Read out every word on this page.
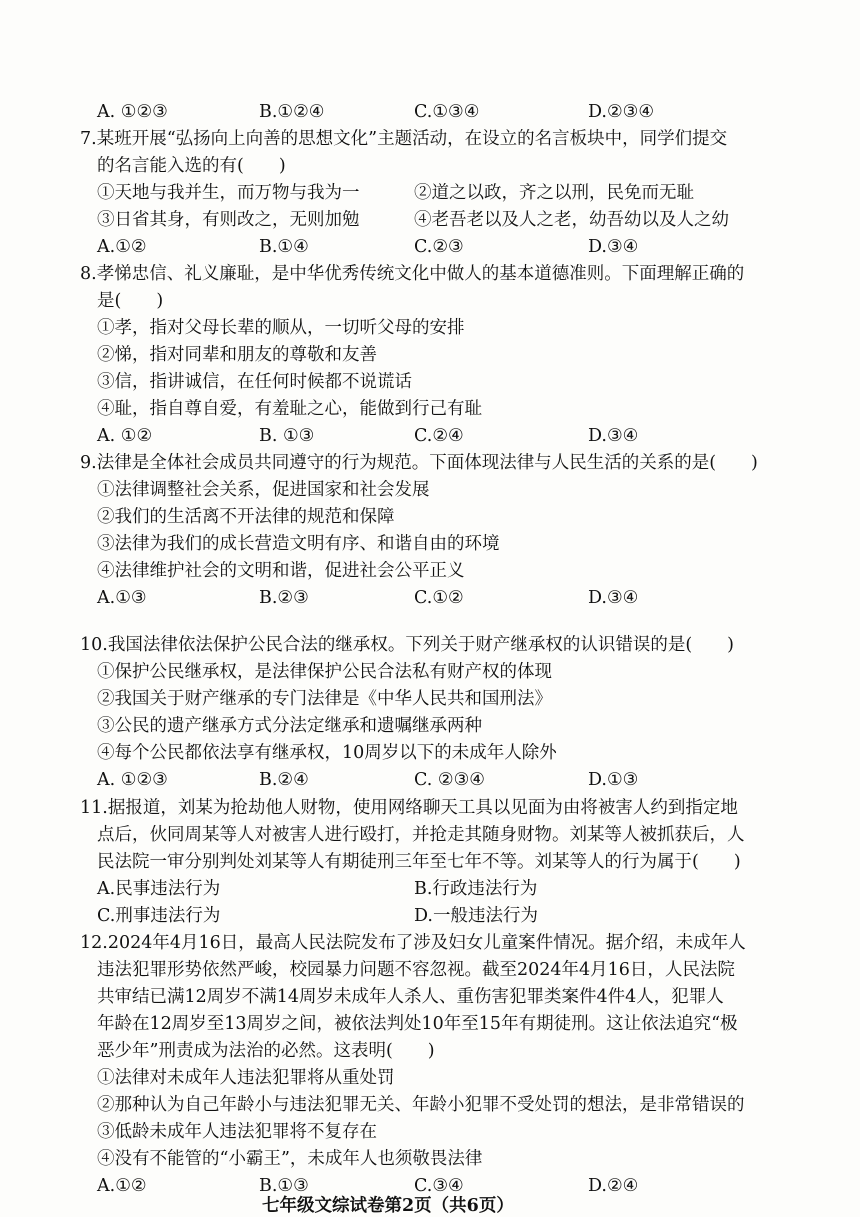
A. ①②③	B.①②④	C.①③④	D.②③④
7.某班开展“弘扬向上向善的思想文化”主题活动，在设立的名言板块中，同学们提交
的名言能入选的有(　　)
①天地与我并生，而万物与我为一	②道之以政，齐之以刑，民免而无耻
③日省其身，有则改之，无则加勉	④老吾老以及人之老，幼吾幼以及人之幼
A.①②	B.①④	C.②③	D.③④
8.孝悌忠信、礼义廉耻，是中华优秀传统文化中做人的基本道德准则。下面理解正确的
是(　　)
①孝，指对父母长辈的顺从，一切听父母的安排
②悌，指对同辈和朋友的尊敬和友善
③信，指讲诚信，在任何时候都不说谎话
④耻，指自尊自爱，有羞耻之心，能做到行己有耻
A. ①②	B. ①③	C.②④	D.③④
9.法律是全体社会成员共同遵守的行为规范。下面体现法律与人民生活的关系的是(　　)
①法律调整社会关系，促进国家和社会发展
②我们的生活离不开法律的规范和保障
③法律为我们的成长营造文明有序、和谐自由的环境
④法律维护社会的文明和谐，促进社会公平正义
A.①③	B.②③	C.①②	D.③④
10.我国法律依法保护公民合法的继承权。下列关于财产继承权的认识错误的是(　　)
①保护公民继承权，是法律保护公民合法私有财产权的体现
②我国关于财产继承的专门法律是《中华人民共和国刑法》
③公民的遗产继承方式分法定继承和遗嘱继承两种
④每个公民都依法享有继承权，10周岁以下的未成年人除外
A. ①②③	B.②④	C. ②③④	D.①③
11.据报道，刘某为抢劫他人财物，使用网络聊天工具以见面为由将被害人约到指定地
点后，伙同周某等人对被害人进行殴打，并抢走其随身财物。刘某等人被抓获后，人
民法院一审分别判处刘某等人有期徒刑三年至七年不等。刘某等人的行为属于(　　)
A.民事违法行为	B.行政违法行为
C.刑事违法行为	D.一般违法行为
12.2024年4月16日，最高人民法院发布了涉及妇女儿童案件情况。据介绍，未成年人
违法犯罪形势依然严峻，校园暴力问题不容忽视。截至2024年4月16日，人民法院
共审结已满12周岁不满14周岁未成年人杀人、重伤害犯罪类案件4件4人，犯罪人
年龄在12周岁至13周岁之间，被依法判处10年至15年有期徒刑。这让依法追究“极
恶少年”刑责成为法治的必然。这表明(　　)
①法律对未成年人违法犯罪将从重处罚
②那种认为自己年龄小与违法犯罪无关、年龄小犯罪不受处罚的想法，是非常错误的
③低龄未成年人违法犯罪将不复存在
④没有不能管的“小霸王”，未成年人也须敬畏法律
A.①②	B.①③	C.③④	D.②④
七年级文综试卷第2页（共6页）
